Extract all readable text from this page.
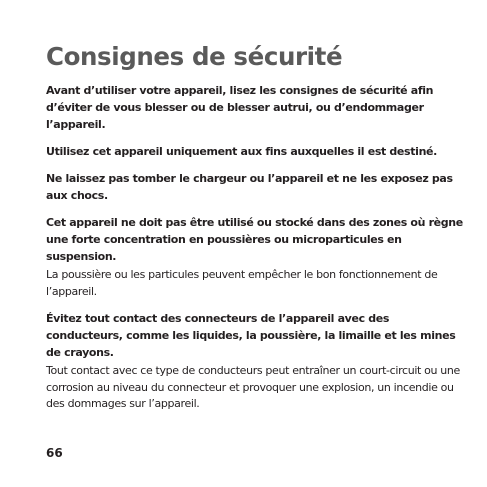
Consignes de sécurité

Avant d’utiliser votre appareil, lisez les consignes de sécurité afin d’éviter de vous blesser ou de blesser autrui, ou d’endommager l’appareil.

Utilisez cet appareil uniquement aux fins auxquelles il est destiné.

Ne laissez pas tomber le chargeur ou l’appareil et ne les exposez pas aux chocs.

Cet appareil ne doit pas être utilisé ou stocké dans des zones où règne une forte concentration en poussières ou microparticules en suspension.

La poussière ou les particules peuvent empêcher le bon fonctionnement de l’appareil.

Évitez tout contact des connecteurs de l’appareil avec des conducteurs, comme les liquides, la poussière, la limaille et les mines de crayons.

Tout contact avec ce type de conducteurs peut entraîner un court-circuit ou une corrosion au niveau du connecteur et provoquer une explosion, un incendie ou des dommages sur l’appareil.

66
